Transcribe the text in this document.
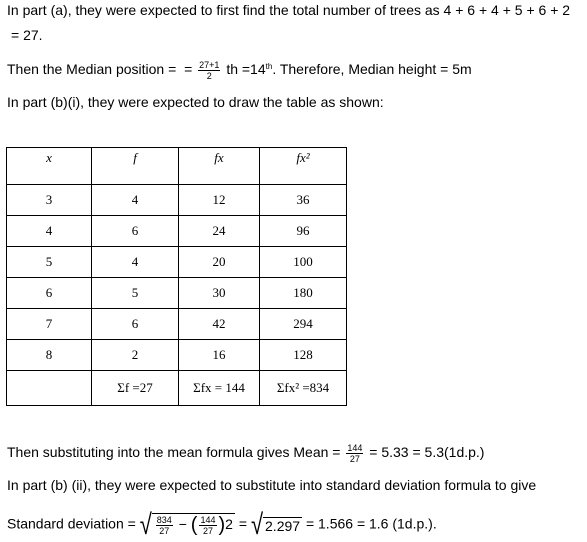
In part (a), they were expected to first find the total number of trees as 4 + 6 + 4 + 5 + 6 + 2
= 27.
Then the Median position = = $\frac{27+1}{2}$ th =14th. Therefore, Median height = 5m
In part (b)(i), they were expected to draw the table as shown:
x	f	fx	fx²
3	4	12	36
4	6	24	96
5	4	20	100
6	5	30	180
7	6	42	294
8	2	16	128
	Σf =27	Σfx = 144	Σfx² =834
Then substituting into the mean formula gives Mean = $\frac{144}{27} = 5.33 = 5.3(1d.p.)$
In part (b) (ii), they were expected to substitute into standard deviation formula to give
Standard deviation = √ $\frac{834}{27}$ − ( $\frac{144}{27} )2$ = √ 2.297 = 1.566 = 1.6 (1d.p.).
